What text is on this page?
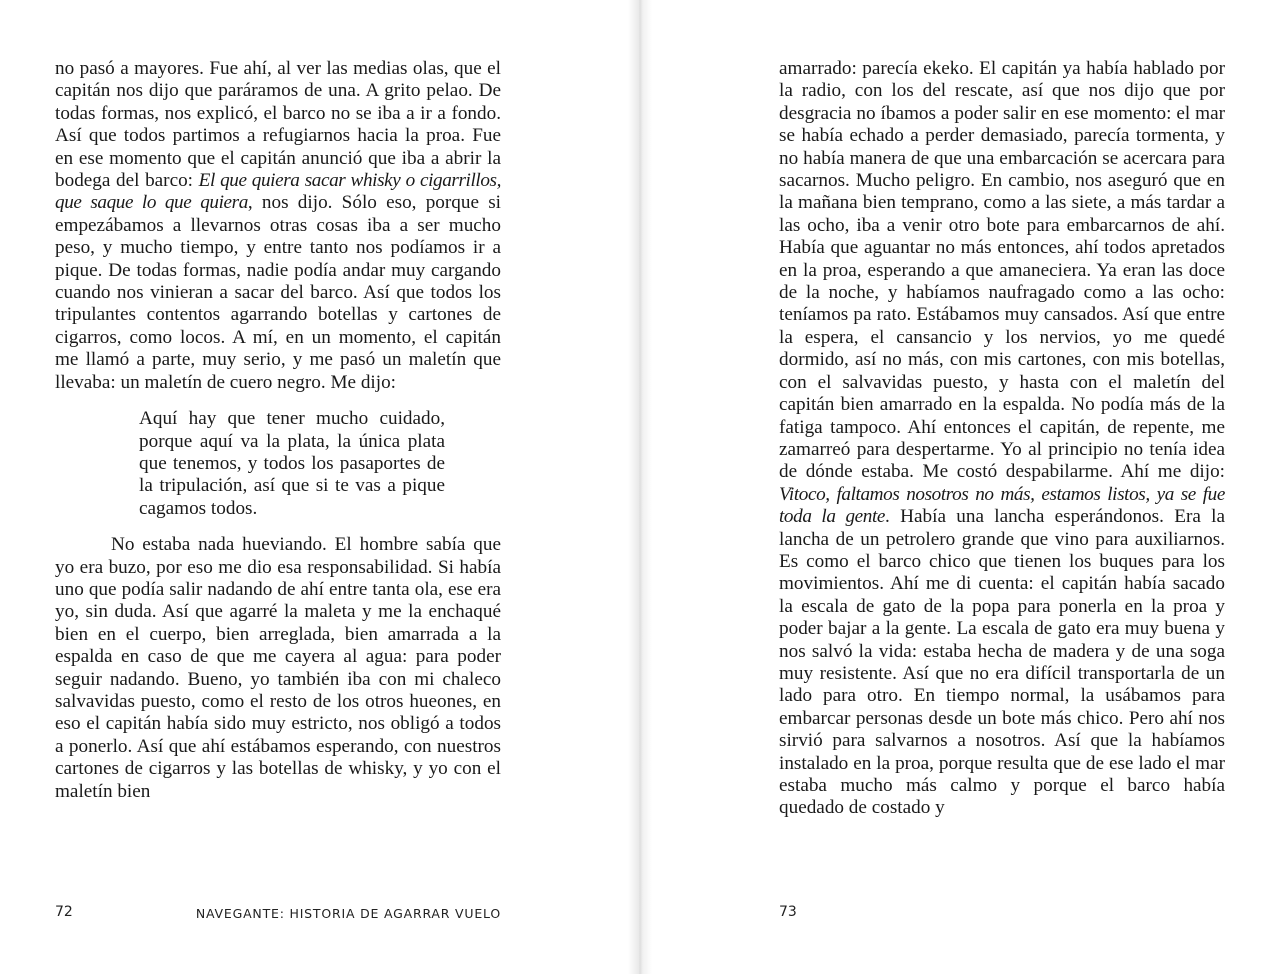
no pasó a mayores. Fue ahí, al ver las medias olas, que el capitán nos dijo que paráramos de una. A grito pelao. De todas formas, nos explicó, el barco no se iba a ir a fondo. Así que todos partimos a refugiarnos hacia la proa. Fue en ese momento que el capitán anunció que iba a abrir la bodega del barco: El que quiera sacar whisky o cigarrillos, que saque lo que quiera, nos dijo. Sólo eso, porque si empezábamos a llevarnos otras cosas iba a ser mucho peso, y mucho tiempo, y entre tanto nos podíamos ir a pique. De todas formas, nadie podía andar muy cargando cuando nos vinieran a sacar del barco. Así que todos los tripulantes contentos agarrando botellas y cartones de cigarros, como locos. A mí, en un momento, el capitán me llamó a parte, muy serio, y me pasó un maletín que llevaba: un maletín de cuero negro. Me dijo:

Aquí hay que tener mucho cuidado, porque aquí va la plata, la única plata que tenemos, y todos los pasaportes de la tripulación, así que si te vas a pique cagamos todos.

No estaba nada hueviando. El hombre sabía que yo era buzo, por eso me dio esa responsabilidad. Si había uno que podía salir nadando de ahí entre tanta ola, ese era yo, sin duda. Así que agarré la maleta y me la enchaqué bien en el cuerpo, bien arreglada, bien amarrada a la espalda en caso de que me cayera al agua: para poder seguir nadando. Bueno, yo también iba con mi chaleco salvavidas puesto, como el resto de los otros hueones, en eso el capitán había sido muy estricto, nos obligó a todos a ponerlo. Así que ahí estábamos esperando, con nuestros cartones de cigarros y las botellas de whisky, y yo con el maletín bien

72	NAVEGANTE: HISTORIA DE AGARRAR VUELO

amarrado: parecía ekeko. El capitán ya había hablado por la radio, con los del rescate, así que nos dijo que por desgracia no íbamos a poder salir en ese momento: el mar se había echado a perder demasiado, parecía tormenta, y no había manera de que una embarcación se acercara para sacarnos. Mucho peligro. En cambio, nos aseguró que en la mañana bien temprano, como a las siete, a más tardar a las ocho, iba a venir otro bote para embarcarnos de ahí. Había que aguantar no más entonces, ahí todos apretados en la proa, esperando a que amaneciera. Ya eran las doce de la noche, y habíamos naufragado como a las ocho: teníamos pa rato. Estábamos muy cansados. Así que entre la espera, el cansancio y los nervios, yo me quedé dormido, así no más, con mis cartones, con mis botellas, con el salvavidas puesto, y hasta con el maletín del capitán bien amarrado en la espalda. No podía más de la fatiga tampoco. Ahí entonces el capitán, de repente, me zamarreó para despertarme. Yo al principio no tenía idea de dónde estaba. Me costó despabilarme. Ahí me dijo: Vitoco, faltamos nosotros no más, estamos listos, ya se fue toda la gente. Había una lancha esperándonos. Era la lancha de un petrolero grande que vino para auxiliarnos. Es como el barco chico que tienen los buques para los movimientos. Ahí me di cuenta: el capitán había sacado la escala de gato de la popa para ponerla en la proa y poder bajar a la gente. La escala de gato era muy buena y nos salvó la vida: estaba hecha de madera y de una soga muy resistente. Así que no era difícil transportarla de un lado para otro. En tiempo normal, la usábamos para embarcar personas desde un bote más chico. Pero ahí nos sirvió para salvarnos a nosotros. Así que la habíamos instalado en la proa, porque resulta que de ese lado el mar estaba mucho más calmo y porque el barco había quedado de costado y

73
